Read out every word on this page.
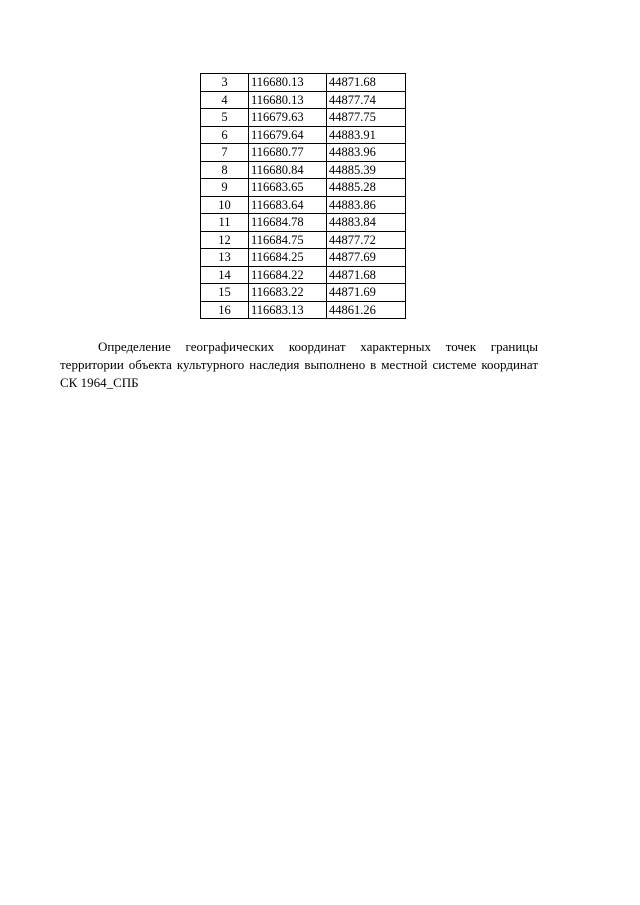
3	116680.13	44871.68
4	116680.13	44877.74
5	116679.63	44877.75
6	116679.64	44883.91
7	116680.77	44883.96
8	116680.84	44885.39
9	116683.65	44885.28
10	116683.64	44883.86
11	116684.78	44883.84
12	116684.75	44877.72
13	116684.25	44877.69
14	116684.22	44871.68
15	116683.22	44871.69
16	116683.13	44861.26

Определение географических координат характерных точек границы территории объекта культурного наследия выполнено в местной системе координат СК 1964_СПБ
